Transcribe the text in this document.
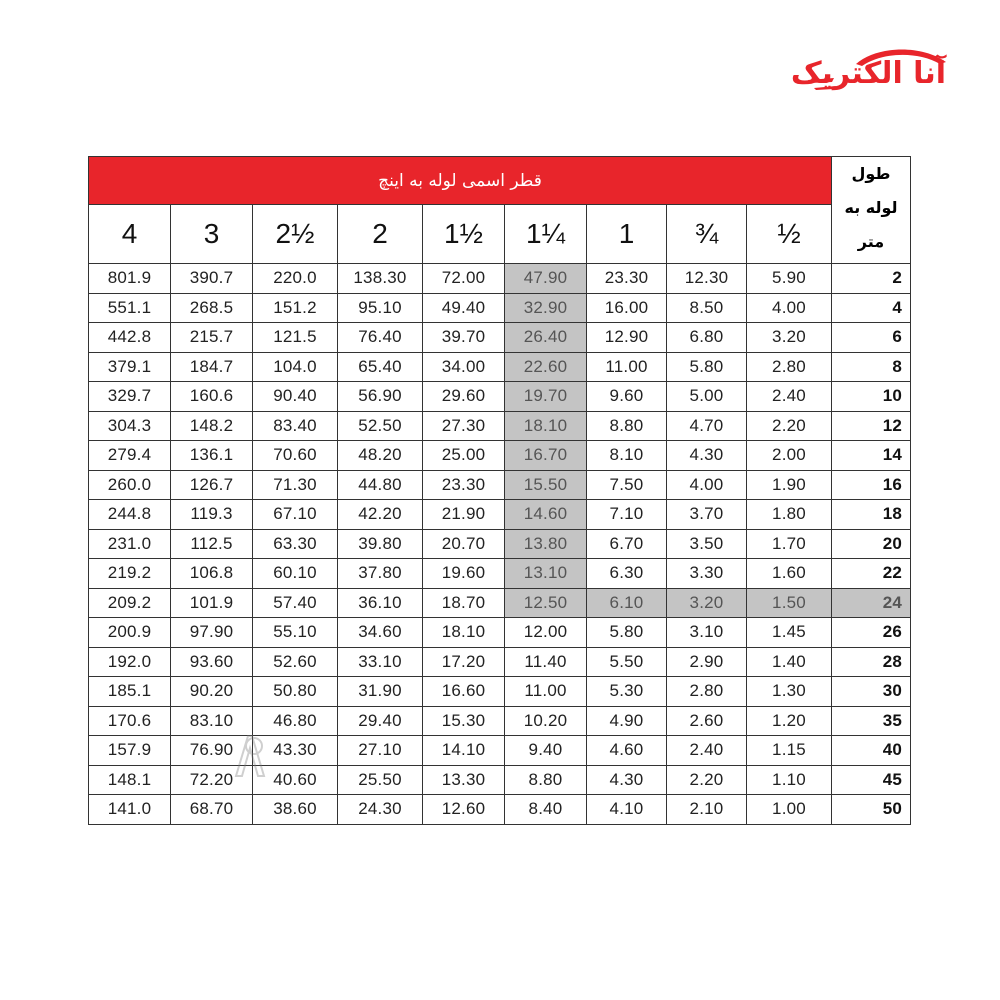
آنا الکتریک
قطر اسمی لوله به اینچ									طول
لوله به
متر

4	3	2½	2	1½	1¼	1	¾	½	
801.9	390.7	220.0	138.30	72.00	47.90	23.30	12.30	5.90	2
551.1	268.5	151.2	95.10	49.40	32.90	16.00	8.50	4.00	4
442.8	215.7	121.5	76.40	39.70	26.40	12.90	6.80	3.20	6
379.1	184.7	104.0	65.40	34.00	22.60	11.00	5.80	2.80	8
329.7	160.6	90.40	56.90	29.60	19.70	9.60	5.00	2.40	10
304.3	148.2	83.40	52.50	27.30	18.10	8.80	4.70	2.20	12
279.4	136.1	70.60	48.20	25.00	16.70	8.10	4.30	2.00	14
260.0	126.7	71.30	44.80	23.30	15.50	7.50	4.00	1.90	16
244.8	119.3	67.10	42.20	21.90	14.60	7.10	3.70	1.80	18
231.0	112.5	63.30	39.80	20.70	13.80	6.70	3.50	1.70	20
219.2	106.8	60.10	37.80	19.60	13.10	6.30	3.30	1.60	22
209.2	101.9	57.40	36.10	18.70	12.50	6.10	3.20	1.50	24
200.9	97.90	55.10	34.60	18.10	12.00	5.80	3.10	1.45	26
192.0	93.60	52.60	33.10	17.20	11.40	5.50	2.90	1.40	28
185.1	90.20	50.80	31.90	16.60	11.00	5.30	2.80	1.30	30
170.6	83.10	46.80	29.40	15.30	10.20	4.90	2.60	1.20	35
157.9	76.90	43.30	27.10	14.10	9.40	4.60	2.40	1.15	40
148.1	72.20	40.60	25.50	13.30	8.80	4.30	2.20	1.10	45
141.0	68.70	38.60	24.30	12.60	8.40	4.10	2.10	1.00	50
